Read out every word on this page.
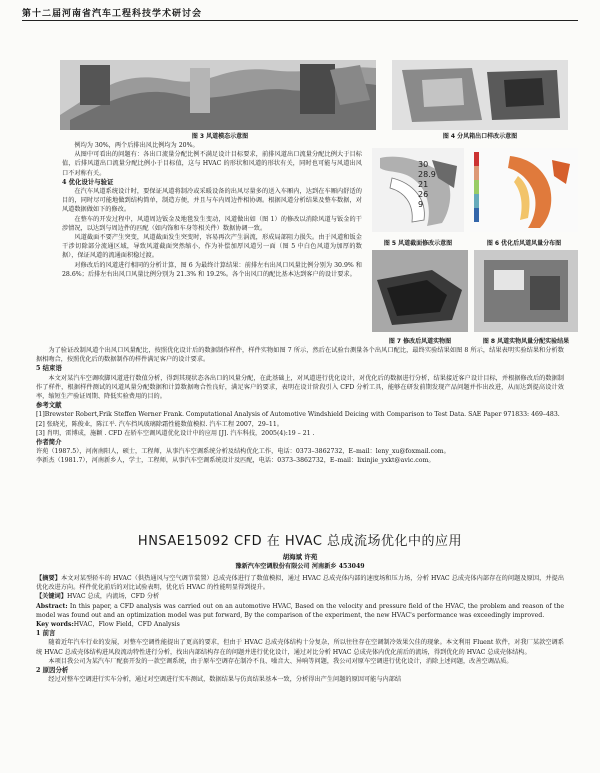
第十二届河南省汽车工程科技学术研讨会
图 3 风道模态示意图	图 4 分风箱出口样改示意图

例均为 30%，两个后排出风比例均为 20%。

从图中可看出的问题有：各出口流量分配比例不满足设计目标要求，前排风道出口流量分配比例大于目标值，后排风道出口流量分配比例小于目标值，这与 HVAC 的形状和风道的形状有关，同时也可能与风道出风口不对称有关。

4 优化设计与验证

在汽车风道系统设计时，要保证风道将制冷或采暖设备的出风尽量多的送入车厢内，达到在车厢内舒适的目的，同时尽可能地做到结构简单，制造方便，并且与车内周边件相协调。根据风道分析结果及整车数据，对风道数据做如下的修改。

在整车的开发过程中，风道周边钣金及地毯发生变动，风道做出如（图 1）的修改以消除风道与钣金的干涉情况，以达到与周边件的匹配（如内饰和车身等相关件）数据协调一致。

风道截面不要产生突变，风道截面发生突变时，容易再次产生涡流，形成局部阻力损失。由于风道和钣金干涉切除部分流通区域，导致风道截面突然缩小，作为补偿加厚风道另一面（图 5 中白色风道为加厚的数据），保证风道的流通面积稳过渡。

对修改后的风道进行相同的分析计算，图 6 为最终计算结果：前排左右出风口风量比例分别为 30.9% 和 28.6%；后排左右出风口风量比例分别为 21.3% 和 19.2%。各个出风口的配比基本达到客户的设计要求。

图 5 风道截面修改示意图	图 6 优化后风道风量分布图
30
28.9
21
26
9
图 7 修改后风道实物图	图 8 风道实物风量分配实验结果

为了验证改制风道个出风口风量配比，按照优化设计后的数据制作样件，样件实物如图 7 所示，然后在试验台测量各个出风口配比，最终实验结果如图 8 所示，结果表明实验结果和分析数据相吻合，按照优化后的数据制作的样件满足客户的设计要求。

5 结束语

本文对某汽车空调吹脚风道进行数值分析，得到其现状态各出口的风量分配，在此基础上，对风道进行优化设计，对优化后的数据进行分析，结果接近客户设计目标，并根据修改后的数据制作了样件，根据样件测试的风道风量分配数据和计算数据吻合性良好，满足客户的要求，表明在设计阶段引入 CFD 分析工具，能够在研发前期发现产品问题并作出改进，从而达到提高设计效率，缩短生产验证周期、降低实验费用的目的。

参考文献

[1]Brewster Robert,Frik Steffen Werner Frank. Computational Analysis of Automotive Windshield Deicing with Comparison to Test Data. SAE Paper 971833: 469–483.

[2] 张晓光，陈俊业，陈江平. 汽车挡风玻璃除霜性能数值模拟. 汽车工程 2007，29–11。

[3] 肖明，雷博成，施颖 . CFD 在轿车空调风道优化设计中的应用 [J]. 汽车科技，2005(4):19 – 21 .

作者简介

许苑（1987.5），河南南阳人，硕士，工程师，从事汽车空调系统分析及结构优化工作，电话：0373–3862732，E–mail：leny_xu@foxmail.com。

李新杰（1981.7），河南新乡人，学士，工程师，从事汽车空调系统设计及匹配，电话：0373–3862732，E–mail：lixinjie_yxkt@avic.com。

HNSAE15092 CFD 在 HVAC 总成流场优化中的应用
胡海斌 许苑
豫新汽车空调股份有限公司 河南新乡 453049

【摘要】本文对某型轿车的 HVAC（供热通风与空气调节装置）总成壳体进行了数值模拟，通过 HVAC 总成壳体内部的速度场和压力场，分析 HVAC 总成壳体内部存在的问题及原因，并提出优化改进方向。样件优化前后的对比试验表明，优化后 HVAC 的性能明显得到提升。

【关键词】HVAC 总成，内流场，CFD 分析

Abstract: In this paper, a CFD analysis was carried out on an automotive HVAC, Based on the velocity and pressure field of the HVAC, the problem and reason of the model was found out and an optimization model was put forward, By the comparison of the experiment, the new HVAC's performance was exceedingly improved.

Key words:HVAC，Flow Field，CFD Analysis

1 前言

随着近年汽车行业的发展，对整车空调性能提出了更高的要求，但由于 HVAC 总成壳体结构十分复杂，所以往往存在空调制冷效果欠佳的现象。本文利用 Fluent 软件，对我厂某款空调系统 HVAC 总成壳体结构进风段流动特性进行分析，找出内部结构存在的问题并进行优化设计，通过对比分析 HVAC 总成壳体内优化前后的流场，得到优化的 HVAC 总成壳体结构。

本项目我公司为某汽车厂配套开发的一款空调系统，由于原车空调存在制冷不良、噪音大、异响等问题，我公司对原车空调进行优化设计，消除上述问题，改善空调品质。

2 原因分析

经过对整车空调进行实车分析，通过对空调进行实车测试，数据结果与仿真结果基本一致，分析得出产生问题的原因可能与内部结
